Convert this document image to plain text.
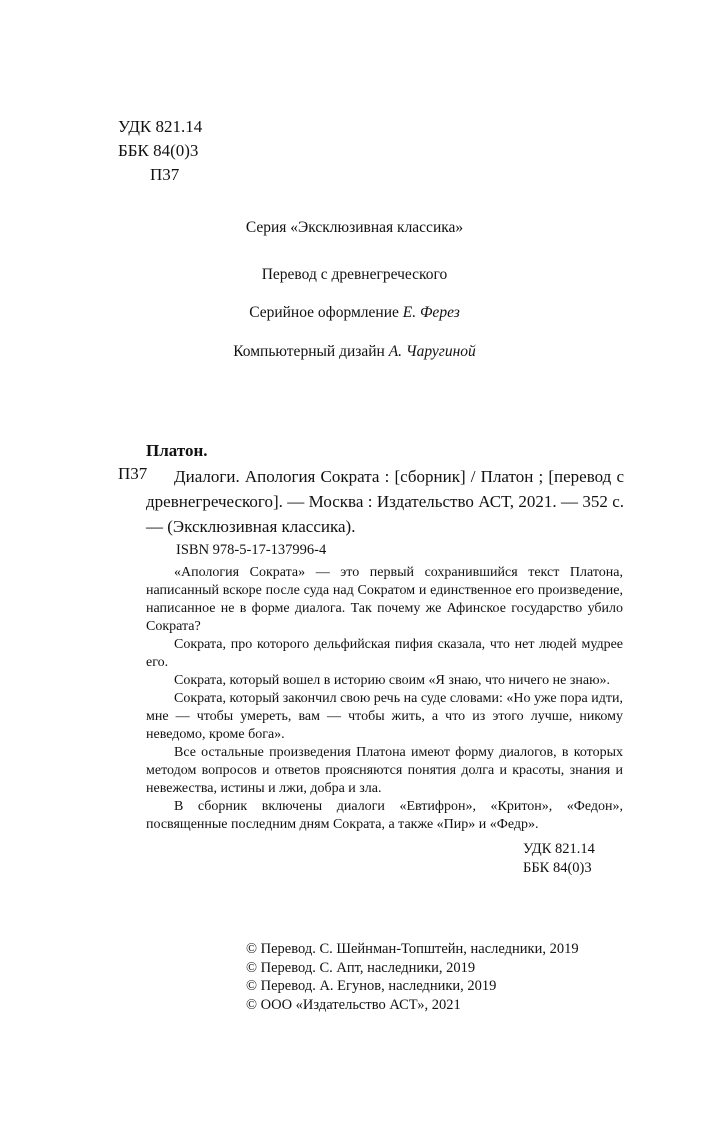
УДК 821.14
ББК 84(0)3
П37
Серия «Эксклюзивная классика»
Перевод с древнегреческого
Серийное оформление Е. Ферез
Компьютерный дизайн А. Чаругиной
Платон.
П37	Диалоги. Апология Сократа : [сборник] / Платон ; [перевод с древнегреческого]. — Москва : Издательство АСТ, 2021. — 352 с. — (Эксклюзивная классика).
ISBN 978-5-17-137996-4

«Апология Сократа» — это первый сохранившийся текст Платона, написанный вскоре после суда над Сократом и единственное его произведение, написанное не в форме диалога. Так почему же Афинское государство убило Сократа?

Сократа, про которого дельфийская пифия сказала, что нет людей мудрее его.

Сократа, который вошел в историю своим «Я знаю, что ничего не знаю».

Сократа, который закончил свою речь на суде словами: «Но уже пора идти, мне — чтобы умереть, вам — чтобы жить, а что из этого лучше, никому неведомо, кроме бога».

Все остальные произведения Платона имеют форму диалогов, в которых методом вопросов и ответов проясняются понятия долга и красоты, знания и невежества, истины и лжи, добра и зла.

В сборник включены диалоги «Евтифрон», «Критон», «Федон», посвященные последним дням Сократа, а также «Пир» и «Федр».

УДК 821.14
ББК 84(0)3
© Перевод. С. Шейнман-Топштейн, наследники, 2019
© Перевод. С. Апт, наследники, 2019
© Перевод. А. Егунов, наследники, 2019
© ООО «Издательство АСТ», 2021
